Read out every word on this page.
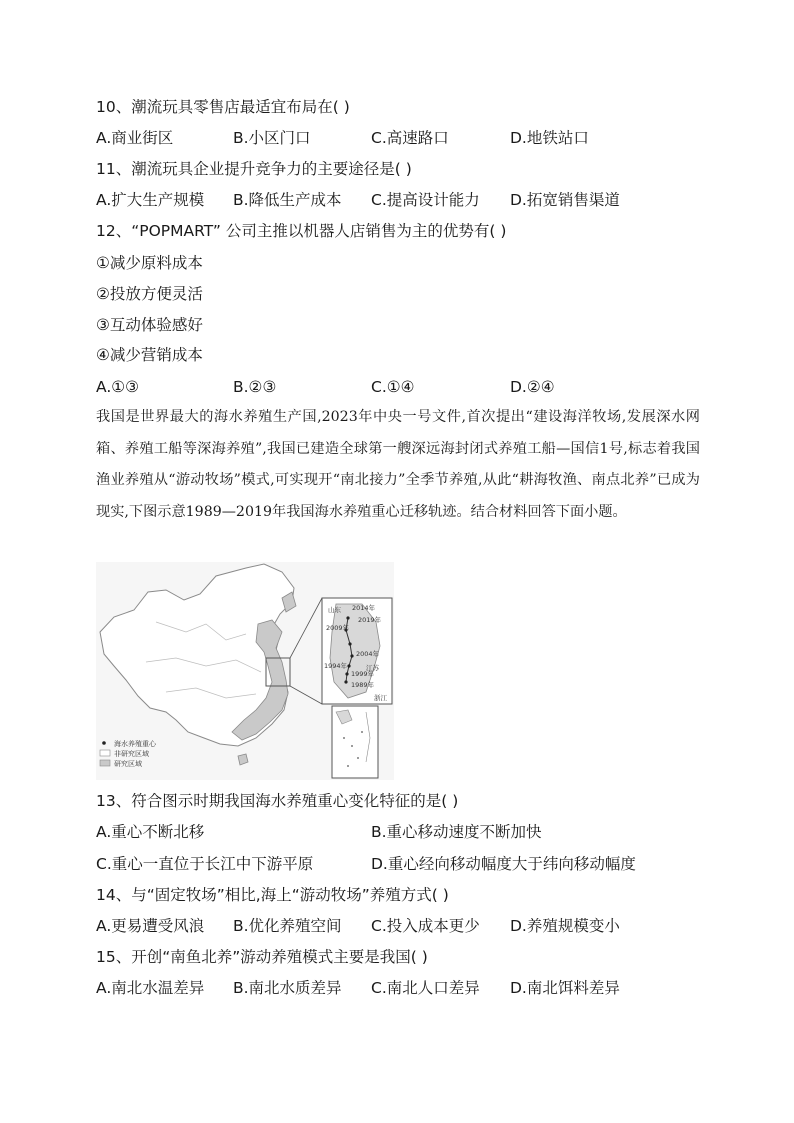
10、潮流玩具零售店最适宜布局在( )
A.商业街区	B.小区门口	C.高速路口	D.地铁站口
11、潮流玩具企业提升竞争力的主要途径是( )
A.扩大生产规模 B.降低生产成本 C.提高设计能力 D.拓宽销售渠道
12、“POPMART” 公司主推以机器人店销售为主的优势有( )
①减少原料成本
②投放方便灵活
③互动体验感好
④减少营销成本
A.①③	B.②③	C.①④	D.②④
我国是世界最大的海水养殖生产国,2023年中央一号文件,首次提出“建设海洋牧场,发展深水网箱、养殖工船等深海养殖”,我国已建造全球第一艘深远海封闭式养殖工船—国信1号,标志着我国渔业养殖从“游动牧场”模式,可实现开“南北接力”全季节养殖,从此“耕海牧渔、南点北养”已成为现实,下图示意1989—2019年我国海水养殖重心迁移轨迹。结合材料回答下面小题。
山东 2014年
2019年
2009年
2004年
江苏
1994年
1999年
1989年
浙江
海水养殖重心
非研究区域
研究区域
13、符合图示时期我国海水养殖重心变化特征的是( )
A.重心不断北移	B.重心移动速度不断加快
C.重心一直位于长江中下游平原	D.重心经向移动幅度大于纬向移动幅度
14、与“固定牧场”相比,海上“游动牧场”养殖方式( )
A.更易遭受风浪 B.优化养殖空间 C.投入成本更少 D.养殖规模变小
15、开创“南鱼北养”游动养殖模式主要是我国( )
A.南北水温差异 B.南北水质差异 C.南北人口差异 D.南北饵料差异
